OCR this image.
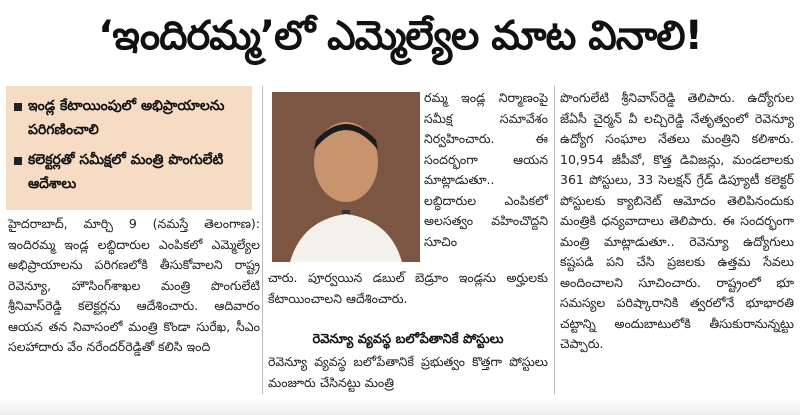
‘ఇందిరమ్మ’లో ఎమ్మెల్యేల మాట వినాలి!
ఇండ్ల కేటాయింపులో అభిప్రాయాలను పరిగణించాలి
కలెక్టర్లతో సమీక్షలో మంత్రి పొంగులేటి ఆదేశాలు
హైదరాబాద్, మార్చి 9 (నమస్తే తెలంగాణ): ఇందిరమ్మ ఇండ్ల లబ్ధిదారుల ఎంపికలో ఎమ్మెల్యేల అభిప్రాయాలను పరిగణలోకి తీసుకోవాలని రాష్ట్ర రెవెన్యూ, హౌసింగ్‌శాఖల మంత్రి పొంగులేటి శ్రీనివాస్‌రెడ్డి కలెక్టర్లను ఆదేశించారు. ఆదివారం ఆయన తన నివాసంలో మంత్రి కొండా సురేఖ, సీఎం సలహాదారు వేం నరేందర్‌రెడ్డితో కలిసి ఇంది
రమ్మ ఇండ్ల నిర్మాణంపై సమీక్ష సమావేశం నిర్వహించారు. ఈ సందర్భంగా ఆయన మాట్లాడుతూ.. లబ్ధిదారుల ఎంపికలో అలసత్వం వహించొద్దని సూచిం
చారు. పూర్వయిన డబుల్ బెడ్రూం ఇండ్లను అర్హులకు కేటాయించాలని ఆదేశించారు.
రెవెన్యూ వ్యవస్థ బలోపేతానికే పోస్టులు
రెవెన్యూ వ్యవస్థ బలోపేతానికే ప్రభుత్వం కొత్తగా పోస్టులు మంజూరు చేసినట్టు మంత్రి
పొంగులేటి శ్రీనివాస్‌రెడ్డి తెలిపారు. ఉద్యోగుల జేఏసీ చైర్మన్ వీ లచ్చిరెడ్డి నేతృత్వంలో రెవెన్యూ ఉద్యోగ సంఘాల నేతలు మంత్రిని కలిశారు. 10,954 జీపీవో, కొత్త డివిజన్లు, మండలాలకు 361 పోస్టులు, 33 సెలక్షన్ గ్రేడ్ డిప్యూటీ కలెక్టర్ పోస్టులకు క్యాబినెట్ ఆమోదం తెలిపినందుకు మంత్రికి ధన్యవాదాలు తెలిపారు. ఈ సందర్భంగా మంత్రి మాట్లాడుతూ.. రెవెన్యూ ఉద్యోగులు కష్టపడి పని చేసి ప్రజలకు ఉత్తమ సేవలు అందించాలని సూచించారు. రాష్ట్రంలో భూ సమస్యల పరిష్కారానికి త్వరలోనే భూభారతి చట్టాన్ని అందుబాటులోకి తీసుకురానున్నట్టు చెప్పారు.
